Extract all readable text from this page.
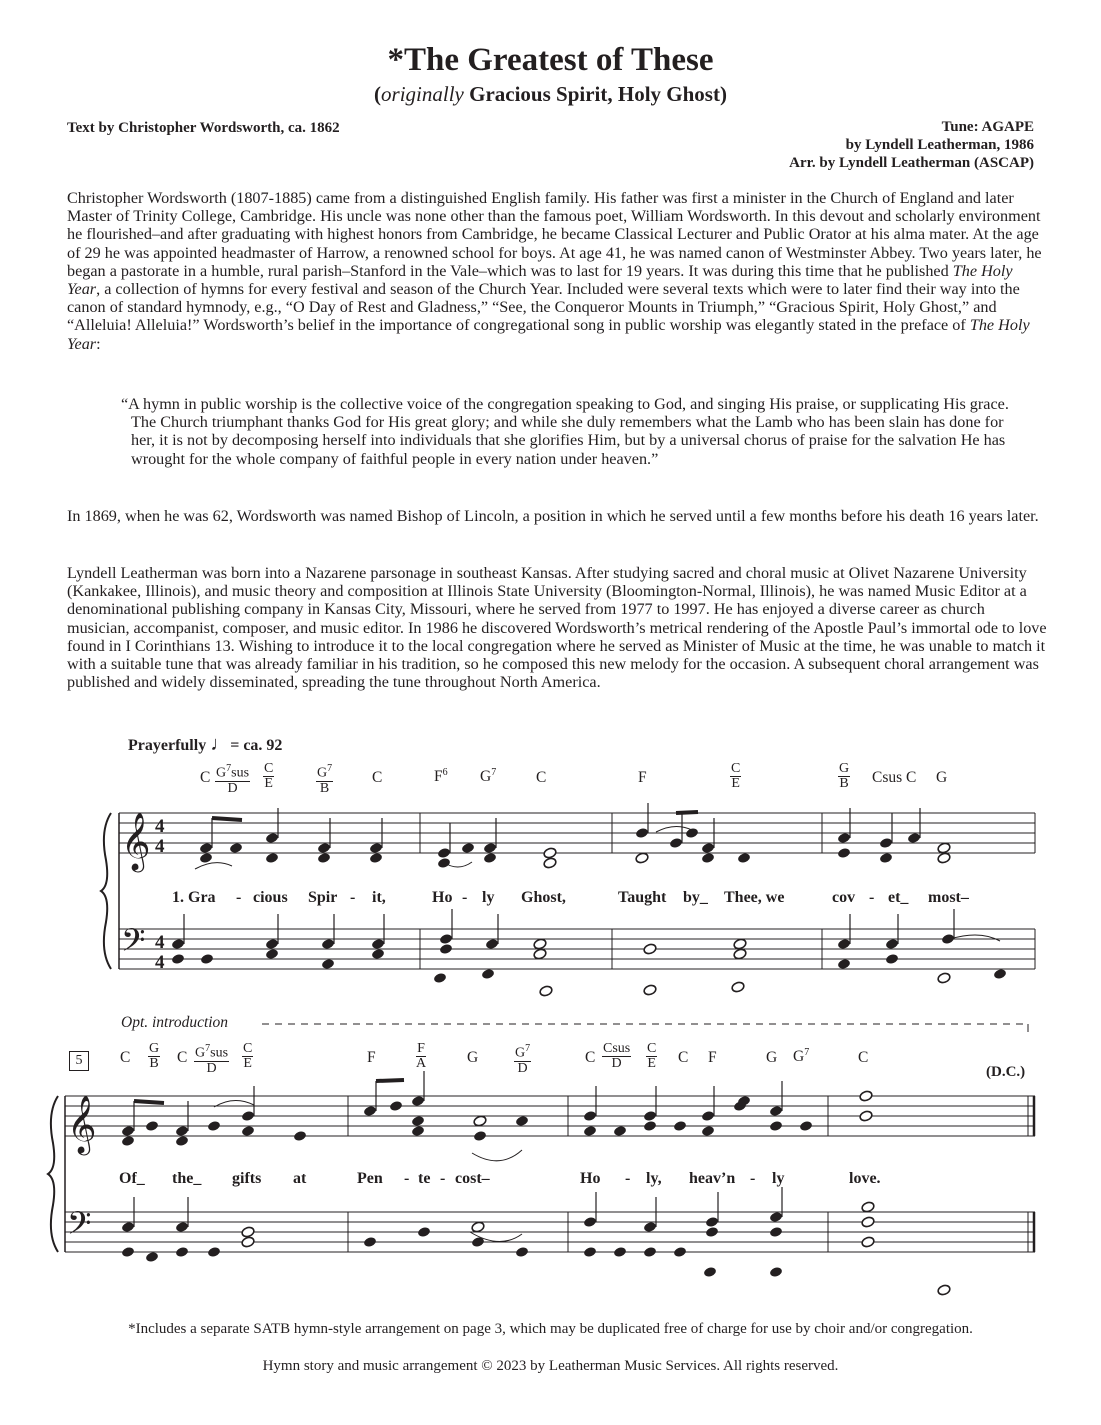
*The Greatest of These
(originally Gracious Spirit, Holy Ghost)
Text by Christopher Wordsworth, ca. 1862	Tune: AGAPE
by Lyndell Leatherman, 1986
Arr. by Lyndell Leatherman (ASCAP)
Christopher Wordsworth (1807-1885) came from a distinguished English family. His father was first a minister in the Church of England and later Master of Trinity College, Cambridge. His uncle was none other than the famous poet, William Wordsworth. In this devout and scholarly environment he flourished–and after graduating with highest honors from Cambridge, he became Classical Lecturer and Public Orator at his alma mater. At the age of 29 he was appointed headmaster of Harrow, a renowned school for boys. At age 41, he was named canon of Westminster Abbey. Two years later, he began a pastorate in a humble, rural parish–Stanford in the Vale–which was to last for 19 years. It was during this time that he published The Holy Year, a collection of hymns for every festival and season of the Church Year. Included were several texts which were to later find their way into the canon of standard hymnody, e.g., “O Day of Rest and Gladness,” “See, the Conqueror Mounts in Triumph,” “Gracious Spirit, Holy Ghost,” and “Alleluia! Alleluia!” Wordsworth’s belief in the importance of congregational song in public worship was elegantly stated in the preface of The Holy Year:
“A hymn in public worship is the collective voice of the congregation speaking to God, and singing His praise, or supplicating His grace. The Church triumphant thanks God for His great glory; and while she duly remembers what the Lamb who has been slain has done for her, it is not by decomposing herself into individuals that she glorifies Him, but by a universal chorus of praise for the salvation He has wrought for the whole company of faithful people in every nation under heaven.”
In 1869, when he was 62, Wordsworth was named Bishop of Lincoln, a position in which he served until a few months before his death 16 years later.
Lyndell Leatherman was born into a Nazarene parsonage in southeast Kansas. After studying sacred and choral music at Olivet Nazarene University (Kankakee, Illinois), and music theory and composition at Illinois State University (Bloomington-Normal, Illinois), he was named Music Editor at a denominational publishing company in Kansas City, Missouri, where he served from 1977 to 1997. He has enjoyed a diverse career as church musician, accompanist, composer, and music editor. In 1986 he discovered Wordsworth’s metrical rendering of the Apostle Paul’s immortal ode to love found in I Corinthians 13. Wishing to introduce it to the local congregation where he served as Minister of Music at the time, he was unable to match it with a suitable tune that was already familiar in his tradition, so he composed this new melody for the occasion. A subsequent choral arrangement was published and widely disseminated, spreading the tune throughout North America.
Prayerfully ♩= ca. 92
𝄞
𝄢
𝄞
𝄢
4
4
4
4
C $G^7sus$
D	$\frac{C}{E}$	$\frac{G^7}{B}$	C	$F^6$ $G^7$	C	F	$\frac{C}{E}$	$\frac{G}{B}$ Csus C G
1. Gra - cious Spir - it,	Ho - ly Ghost,	Taught by_ Thee, we	cov - et_ most–
Opt. introduction
5	C $\frac{G}{B}$ C $G^7sus$
D	$\frac{C}{E}$	F	$\frac{F}{A}$	G	$\frac{G^7}{D}$	C
Csus
D	$\frac{C}{E}$ C F	G $G^7$	C
(D.C.)
Of_ the_ gifts at	Pen - te - cost–	Ho - ly, heav’n - ly	love.
*Includes a separate SATB hymn-style arrangement on page 3, which may be duplicated free of charge for use by choir and/or congregation.
Hymn story and music arrangement © 2023 by Leatherman Music Services. All rights reserved.
